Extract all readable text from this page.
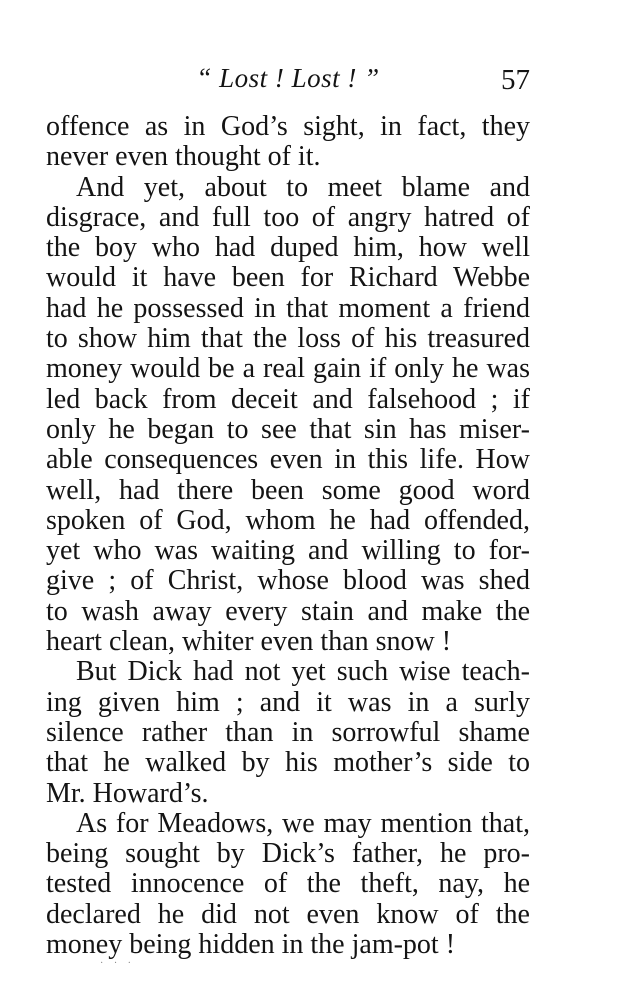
“ Lost ! Lost ! ”	57

offence as in God’s sight, in fact, they
never even thought of it.

And yet, about to meet blame and
disgrace, and full too of angry hatred of
the boy who had duped him, how well
would it have been for Richard Webbe
had he possessed in that moment a friend
to show him that the loss of his treasured
money would be a real gain if only he was
led back from deceit and falsehood ; if
only he began to see that sin has miser-
able consequences even in this life. How
well, had there been some good word
spoken of God, whom he had offended,
yet who was waiting and willing to for-
give ; of Christ, whose blood was shed
to wash away every stain and make the
heart clean, whiter even than snow !

But Dick had not yet such wise teach-
ing given him ; and it was in a surly
silence rather than in sorrowful shame
that he walked by his mother’s side to
Mr. Howard’s.

As for Meadows, we may mention that,
being sought by Dick’s father, he pro-
tested innocence of the theft, nay, he
declared he did not even know of the
money being hidden in the jam-pot !

· · ·
